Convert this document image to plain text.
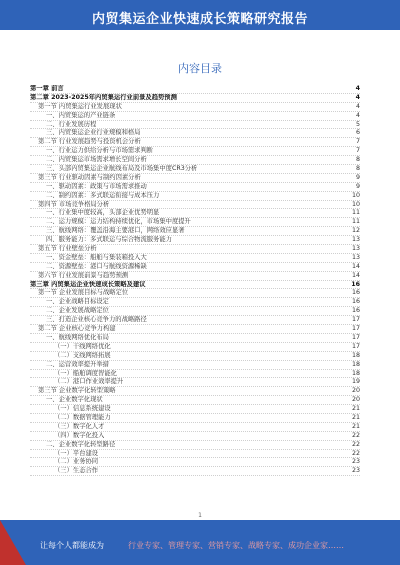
内贸集运企业快速成长策略研究报告
内容目录
第一章 前言	4
第二章 2023-2025年内贸集运行业前景及趋势预测	4
第一节 内贸集运行业发展现状	4
一、内贸集运的产业链条	4
二、行业发展历程	5
三、内贸集运企业行业规模和格局	6
第二节 行业发展趋势与投资机会分析	7
一、行业运力供给分析与市场需求判断	7
二、内贸集运市场需求增长空间分析	8
三、头部内贸集运企业航线布局及市场集中度CR3分析	8
第三节 行业驱动因素与制约因素分析	9
一、驱动因素：政策与市场需求推动	9
二、制约因素：多式联运衔接与成本压力	10
第四节 市场竞争格局分析	10
一、行业集中度较高，头部企业优势明显	11
二、运力规模：运力结构持续优化，市场集中度提升	11
三、航线网络：覆盖沿海主要港口，网络效应显著	12
四、服务能力：多式联运与综合物流服务能力	13
第五节 行业壁垒分析	13
一、资金壁垒：船舶与集装箱投入大	13
二、资源壁垒：港口与航线资源稀缺	14
第六节 行业发展前景与趋势预测	14
第三章 内贸集运企业快速成长策略及建议	16
第一节 企业发展目标与战略定位	16
一、企业战略目标设定	16
二、企业发展战略定位	16
三、打造企业核心竞争力的战略路径	17
第二节 企业核心竞争力构建	17
一、航线网络优化布局	17
（一）干线网络优化	17
（二）支线网络拓展	18
二、运营效率提升举措	18
（一）船舶调度智能化	18
（二）港口作业效率提升	19
第三节 企业数字化转型策略	20
一、企业数字化现状	20
（一）信息系统建设	21
（二）数据管理能力	21
（三）数字化人才	21
（四）数字化投入	22
二、企业数字化转型路径	22
（一）平台建设	22
（二）业务协同	23
（三）生态合作	23
1
让每个人都能成为	行业专家、管理专家、营销专家、战略专家、成功企业家……
